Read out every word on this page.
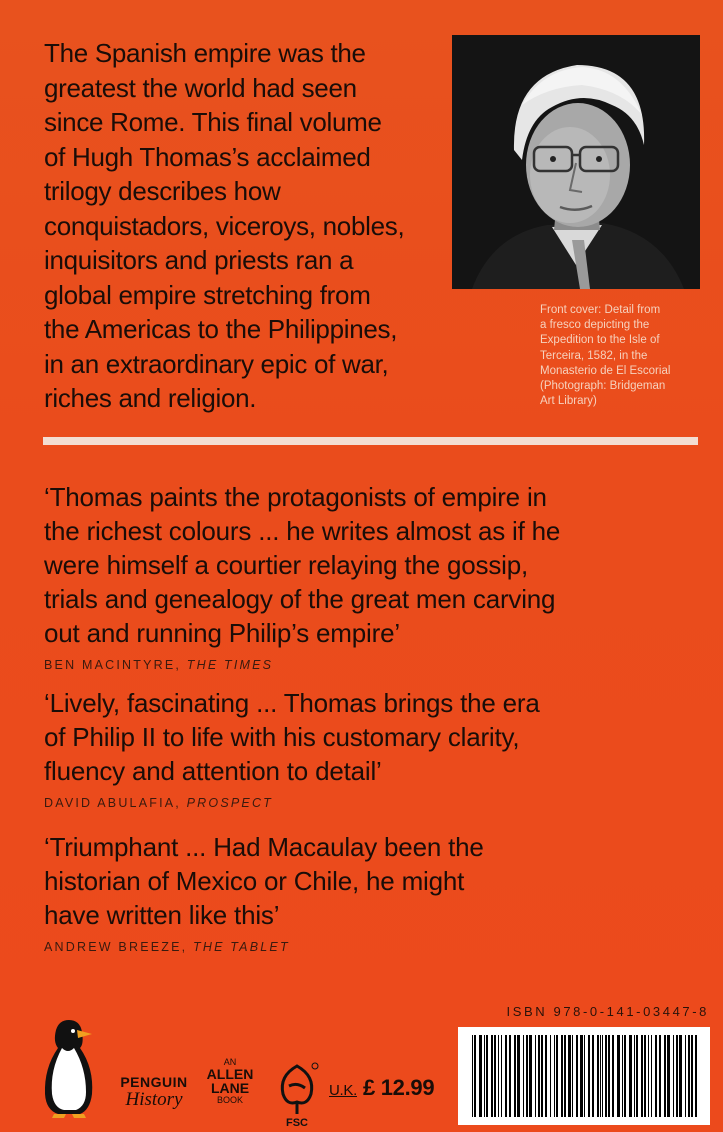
The Spanish empire was the

greatest the world had seen

since Rome. This final volume

of Hugh Thomas’s acclaimed

trilogy describes how

conquistadors, viceroys, nobles,

inquisitors and priests ran a

global empire stretching from

the Americas to the Philippines,

in an extraordinary epic of war,

riches and religion.

Front cover: Detail from
a fresco depicting the
Expedition to the Isle of
Terceira, 1582, in the
Monasterio de El Escorial
(Photograph: Bridgeman
Art Library)
‘Thomas paints the protagonists of empire in
the richest colours ... he writes almost as if he
were himself a courtier relaying the gossip,
trials and genealogy of the great men carving
out and running Philip’s empire’
BEN MACINTYRE, THE TIMES
‘Lively, fascinating ... Thomas brings the era
of Philip II to life with his customary clarity,
fluency and attention to detail’
DAVID ABULAFIA, PROSPECT
‘Triumphant ... Had Macaulay been the
historian of Mexico or Chile, he might
have written like this’
ANDREW BREEZE, THE TABLET
ISBN 978-0-141-03447-8
PENGUIN
History
AN
ALLEN
LANE
BOOK
FSC
U.K. £ 12.99
